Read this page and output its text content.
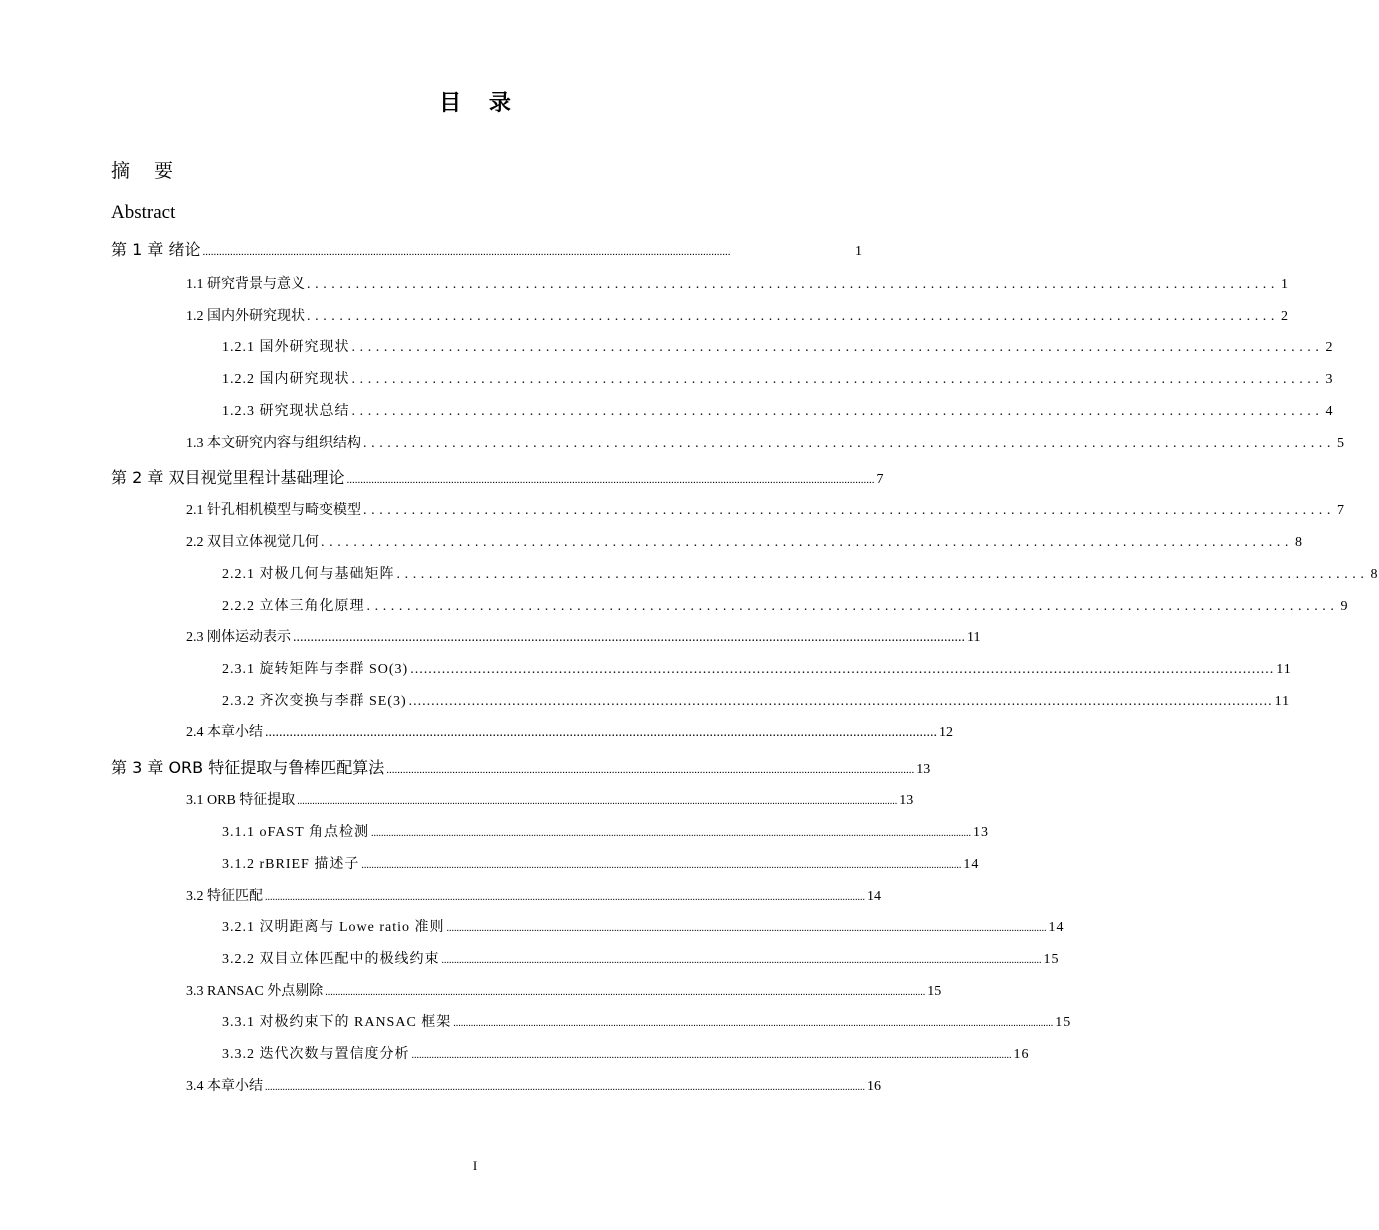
目 录
摘 要
Abstract
第 1 章 绪论 ................................................................................................................................................................................................	1
1.1 研究背景与意义 ........................................................................................................................ 1
1.2 国内外研究现状 ........................................................................................................................ 2
1.2.1 国外研究现状 ........................................................................................................................ 2
1.2.2 国内研究现状 ........................................................................................................................ 3
1.2.3 研究现状总结 ........................................................................................................................ 4
1.3 本文研究内容与组织结构 ........................................................................................................................ 5
第 2 章 双目视觉里程计基础理论 ................................................................................................................................................................................................ 7
2.1 针孔相机模型与畸变模型 ........................................................................................................................ 7
2.2 双目立体视觉几何 ........................................................................................................................ 8
2.2.1 对极几何与基础矩阵 ........................................................................................................................ 8
2.2.2 立体三角化原理 ........................................................................................................................ 9
2.3 刚体运动表示 ................................................................................................................................................................................................ 11
2.3.1 旋转矩阵与李群 SO(3) ................................................................................................................................................................................................ 11
2.3.2 齐次变换与李群 SE(3) ................................................................................................................................................................................................ 11
2.4 本章小结 ................................................................................................................................................................................................ 12
第 3 章 ORB 特征提取与鲁棒匹配算法 ................................................................................................................................................................................................ 13
3.1 ORB 特征提取 ................................................................................................................................................................................................................................................ 13
3.1.1 oFAST 角点检测 ................................................................................................................................................................................................................................................ 13
3.1.2 rBRIEF 描述子 ................................................................................................................................................................................................................................................ 14
3.2 特征匹配 ................................................................................................................................................................................................................................................ 14
3.2.1 汉明距离与 Lowe ratio 准则 ................................................................................................................................................................................................................................................ 14
3.2.2 双目立体匹配中的极线约束 ................................................................................................................................................................................................................................................ 15
3.3 RANSAC 外点剔除 ................................................................................................................................................................................................................................................ 15
3.3.1 对极约束下的 RANSAC 框架 ................................................................................................................................................................................................................................................ 15
3.3.2 迭代次数与置信度分析 ................................................................................................................................................................................................................................................ 16
3.4 本章小结 ................................................................................................................................................................................................................................................ 16
I
